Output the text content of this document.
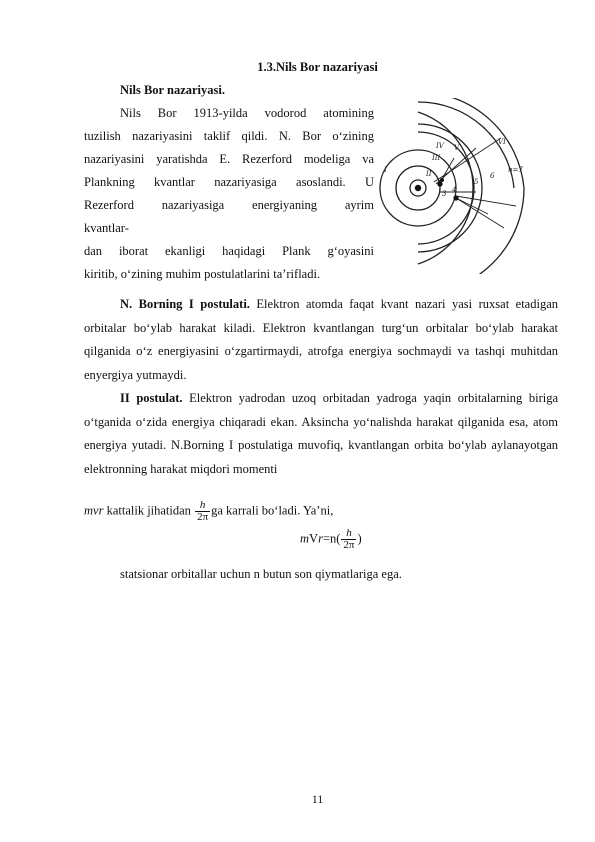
1.3.Nils Bor nazariyasi
Nils Bor nazariyasi.
Nils Bor 1913-yilda vodorod atomining
tuzilish nazariyasini taklif qildi. N. Bor o‘zining
nazariyasini yaratishda E. Rezerford modeliga va
Plankning kvantlar nazariyasiga asoslandi. U
Rezerford nazariyasiga energiyaning ayrim
kvantlar-
dan iborat ekanligi haqidagi Plank g‘oyasini
kiritib, o‘zining muhim postulatlarini ta’rifladi.
I	II
III
IV V
VI
n=7
5
6
4
3

N. Borning I postulati. Elektron atomda faqat kvant nazari yasi ruxsat etadigan orbitalar bo‘ylab harakat kiladi. Elektron kvantlangan turg‘un orbitalar bo‘ylab harakat qilganida o‘z energiyasini o‘zgartirmaydi, atrofga energiya sochmaydi va tashqi muhitdan enyergiya yutmaydi.

II postulat. Elektron yadrodan uzoq orbitadan yadroga yaqin orbitalarning biriga o‘tganida o‘zida energiya chiqaradi ekan. Aksincha yo‘nalishda harakat qilganida esa, atom energiya yutadi. N.Borning I postulatiga muvofiq, kvantlangan orbita bo‘ylab aylanayotgan elektronning harakat miqdori momenti

mvr kattalik jihatidan $\frac{h}{2\pi}$ ga karrali bo‘ladi. Ya’ni,
$mVr=n( \frac{h}{2\pi}$ )
statsionar orbitallar uchun n butun son qiymatlariga ega.
11
